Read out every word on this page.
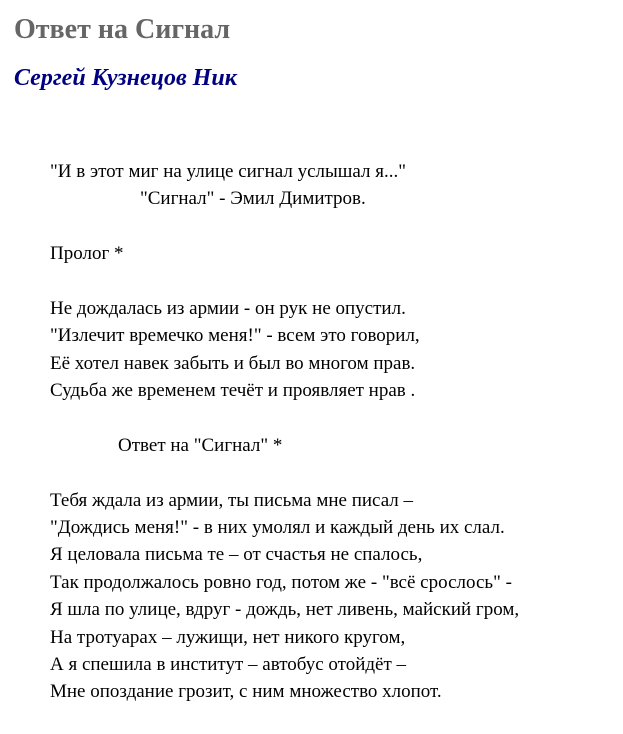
Ответ на Сигнал
Сергей Кузнецов Ник
"И в этот миг на улице сигнал услышал я..."
"Сигнал" - Эмил Димитров.
Пролог *
Не дождалась из армии - он рук не опустил.
"Излечит времечко меня!" - всем это говорил,
Её хотел навек забыть и был во многом прав.
Судьба же временем течёт и проявляет нрав .
Ответ на "Сигнал" *
Тебя ждала из армии, ты письма мне писал –
"Дождись меня!" - в них умолял и каждый день их слал.
Я целовала письма те – от счастья не спалось,
Так продолжалось ровно год, потом же - "всё срослось" -
Я шла по улице, вдруг - дождь, нет ливень, майский гром,
На тротуарах – лужищи, нет никого кругом,
А я спешила в институт – автобус отойдёт –
Мне опоздание грозит, с ним множество хлопот.
